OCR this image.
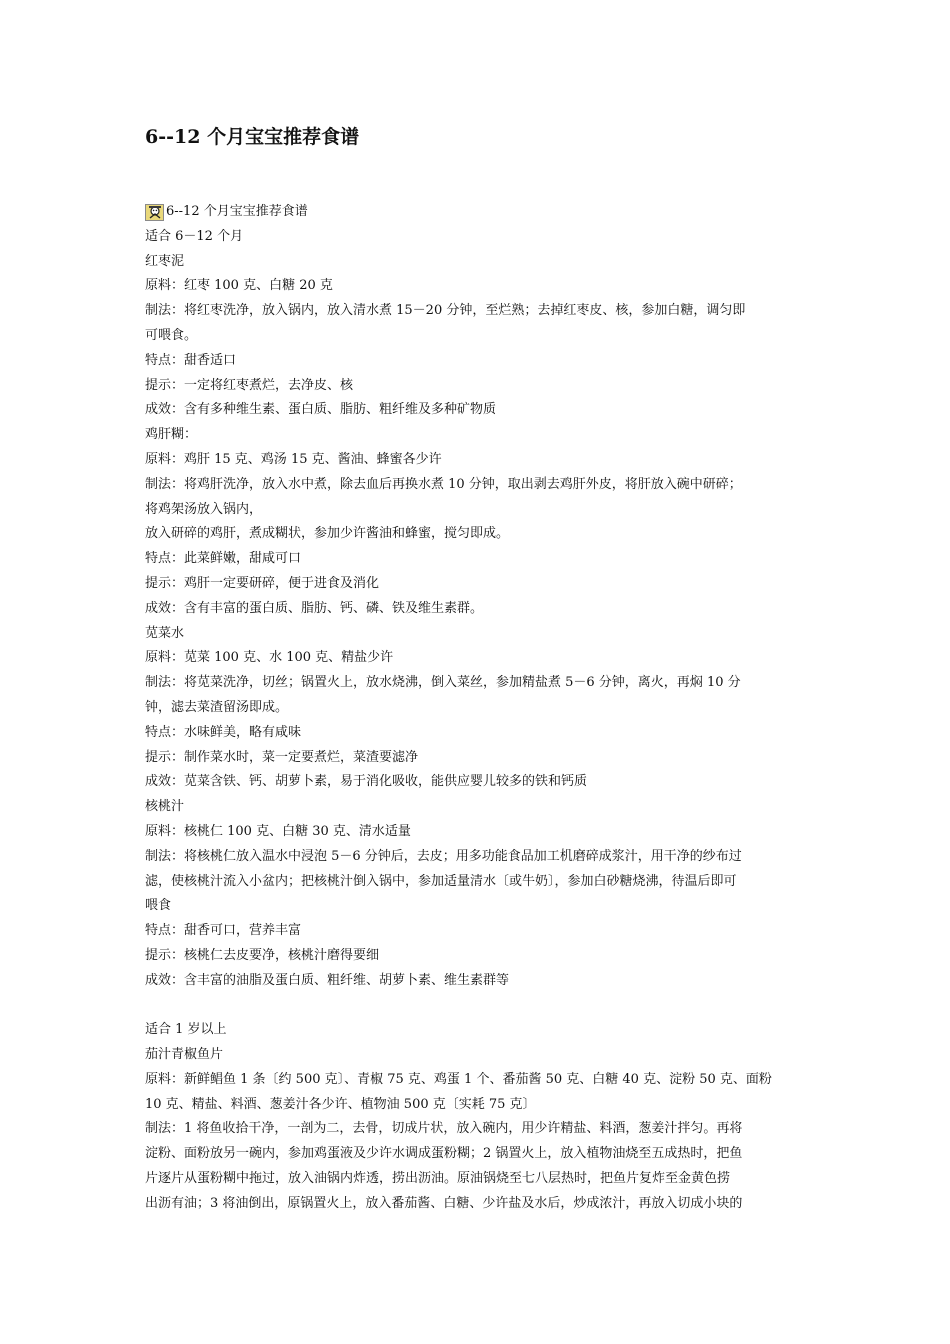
6--12 个月宝宝推荐食谱
6--12 个月宝宝推荐食谱
适合 6－12 个月
红枣泥
原料：红枣 100 克、白糖 20 克
制法：将红枣洗净，放入锅内，放入清水煮 15－20 分钟，至烂熟；去掉红枣皮、核，参加白糖，调匀即
可喂食。
特点：甜香适口
提示：一定将红枣煮烂，去净皮、核
成效：含有多种维生素、蛋白质、脂肪、粗纤维及多种矿物质
鸡肝糊：
原料：鸡肝 15 克、鸡汤 15 克、酱油、蜂蜜各少许
制法：将鸡肝洗净，放入水中煮，除去血后再换水煮 10 分钟，取出剥去鸡肝外皮，将肝放入碗中研碎；
将鸡架汤放入锅内，
放入研碎的鸡肝，煮成糊状，参加少许酱油和蜂蜜，搅匀即成。
特点：此菜鲜嫩，甜咸可口
提示：鸡肝一定要研碎，便于进食及消化
成效：含有丰富的蛋白质、脂肪、钙、磷、铁及维生素群。
苋菜水
原料：苋菜 100 克、水 100 克、精盐少许
制法：将苋菜洗净，切丝；锅置火上，放水烧沸，倒入菜丝，参加精盐煮 5－6 分钟，离火，再焖 10 分
钟，滤去菜渣留汤即成。
特点：水味鲜美，略有咸味
提示：制作菜水时，菜一定要煮烂，菜渣要滤净
成效：苋菜含铁、钙、胡萝卜素，易于消化吸收，能供应婴儿较多的铁和钙质
核桃汁
原料：核桃仁 100 克、白糖 30 克、清水适量
制法：将核桃仁放入温水中浸泡 5－6 分钟后，去皮；用多功能食品加工机磨碎成浆汁，用干净的纱布过
滤，使核桃汁流入小盆内；把核桃汁倒入锅中，参加适量清水〔或牛奶〕，参加白砂糖烧沸，待温后即可
喂食
特点：甜香可口，营养丰富
提示：核桃仁去皮要净，核桃汁磨得要细
成效：含丰富的油脂及蛋白质、粗纤维、胡萝卜素、维生素群等
适合 1 岁以上
茄汁青椒鱼片
原料：新鲜鲳鱼 1 条〔约 500 克〕、青椒 75 克、鸡蛋 1 个、番茄酱 50 克、白糖 40 克、淀粉 50 克、面粉
10 克、精盐、料酒、葱姜汁各少许、植物油 500 克〔实耗 75 克〕
制法：1 将鱼收拾干净，一剖为二，去骨，切成片状，放入碗内，用少许精盐、料酒，葱姜汁拌匀。再将
淀粉、面粉放另一碗内，参加鸡蛋液及少许水调成蛋粉糊；2 锅置火上，放入植物油烧至五成热时，把鱼
片逐片从蛋粉糊中拖过，放入油锅内炸透，捞出沥油。原油锅烧至七八层热时，把鱼片复炸至金黄色捞
出沥有油；3 将油倒出，原锅置火上，放入番茄酱、白糖、少许盐及水后，炒成浓汁，再放入切成小块的
